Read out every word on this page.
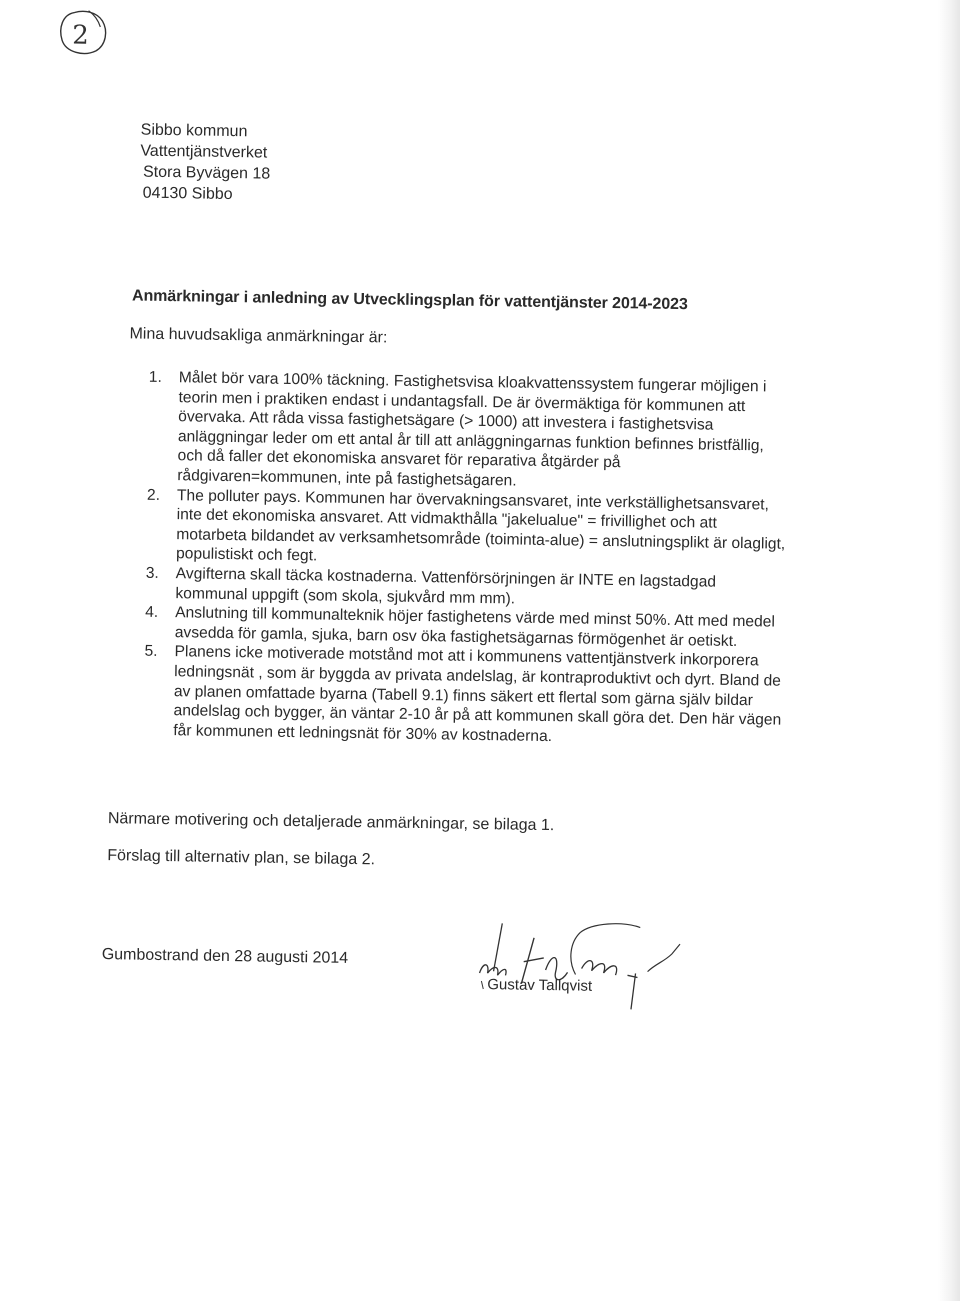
2
Sibbo kommun
Vattentjänstverket
Stora Byvägen 18
04130 Sibbo
Anmärkningar i anledning av Utvecklingsplan för vattentjänster 2014-2023
Mina huvudsakliga anmärkningar är:
1. Målet bör vara 100% täckning. Fastighetsvisa kloakvattenssystem fungerar möjligen i teorin men i praktiken endast i undantagsfall. De är övermäktiga för kommunen att övervaka. Att råda vissa fastighetsägare (> 1000) att investera i fastighetsvisa anläggningar leder om ett antal år till att anläggningarnas funktion befinnes bristfällig, och då faller det ekonomiska ansvaret för reparativa åtgärder på rådgivaren=kommunen, inte på fastighetsägaren.
2. The polluter pays. Kommunen har övervakningsansvaret, inte verkställighetsansvaret, inte det ekonomiska ansvaret. Att vidmakthålla "jakelualue" = frivillighet och att motarbeta bildandet av verksamhetsområde (toiminta-alue) = anslutningsplikt är olagligt, populistiskt och fegt.
3. Avgifterna skall täcka kostnaderna. Vattenförsörjningen är INTE en lagstadgad kommunal uppgift (som skola, sjukvård mm mm).
4. Anslutning till kommunalteknik höjer fastighetens värde med minst 50%. Att med medel avsedda för gamla, sjuka, barn osv öka fastighetsägarnas förmögenhet är oetiskt.
5. Planens icke motiverade motstånd mot att i kommunens vattentjänstverk inkorporera ledningsnät , som är byggda av privata andelslag, är kontraproduktivt och dyrt. Bland de av planen omfattade byarna (Tabell 9.1) finns säkert ett flertal som gärna själv bildar andelslag och bygger, än väntar 2-10 år på att kommunen skall göra det. Den här vägen får kommunen ett ledningsnät för 30% av kostnaderna.
Närmare motivering och detaljerade anmärkningar, se bilaga 1.
Förslag till alternativ plan, se bilaga 2.
Gumbostrand den 28 augusti 2014
Gustav Tallqvist
